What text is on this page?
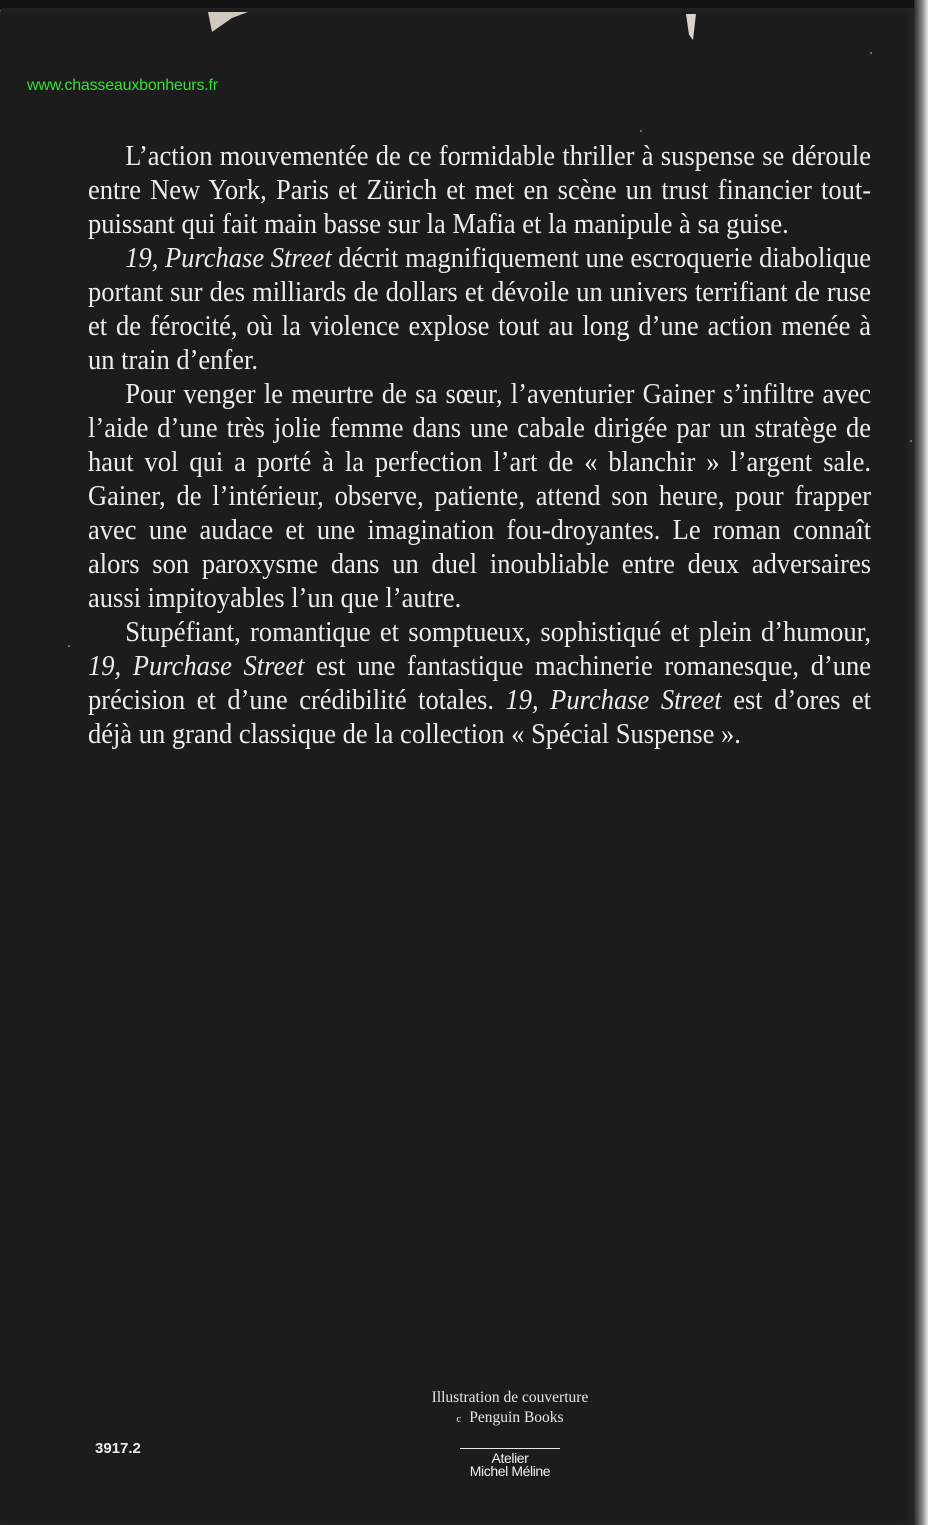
www.chasseauxbonheurs.fr

L’action mouvementée de ce formidable thriller à suspense se déroule entre New York, Paris et Zürich et met en scène un trust financier tout-puissant qui fait main basse sur la Mafia et la manipule à sa guise.

19, Purchase Street décrit magnifiquement une escroquerie diabolique portant sur des milliards de dollars et dévoile un univers terrifiant de ruse et de férocité, où la violence explose tout au long d’une action menée à un train d’enfer.

Pour venger le meurtre de sa sœur, l’aventurier Gainer s’infiltre avec l’aide d’une très jolie femme dans une cabale dirigée par un stratège de haut vol qui a porté à la perfection l’art de « blanchir » l’argent sale. Gainer, de l’intérieur, observe, patiente, attend son heure, pour frapper avec une audace et une imagination fou-droyantes. Le roman connaît alors son paroxysme dans un duel inoubliable entre deux adversaires aussi impitoyables l’un que l’autre.

Stupéfiant, romantique et somptueux, sophistiqué et plein d’humour, 19, Purchase Street est une fantastique machinerie romanesque, d’une précision et d’une crédibilité totales. 19, Purchase Street est d’ores et déjà un grand classique de la collection « Spécial Suspense ».

Illustration de couverture
c Penguin Books
Atelier
Michel Méline
3917.2
